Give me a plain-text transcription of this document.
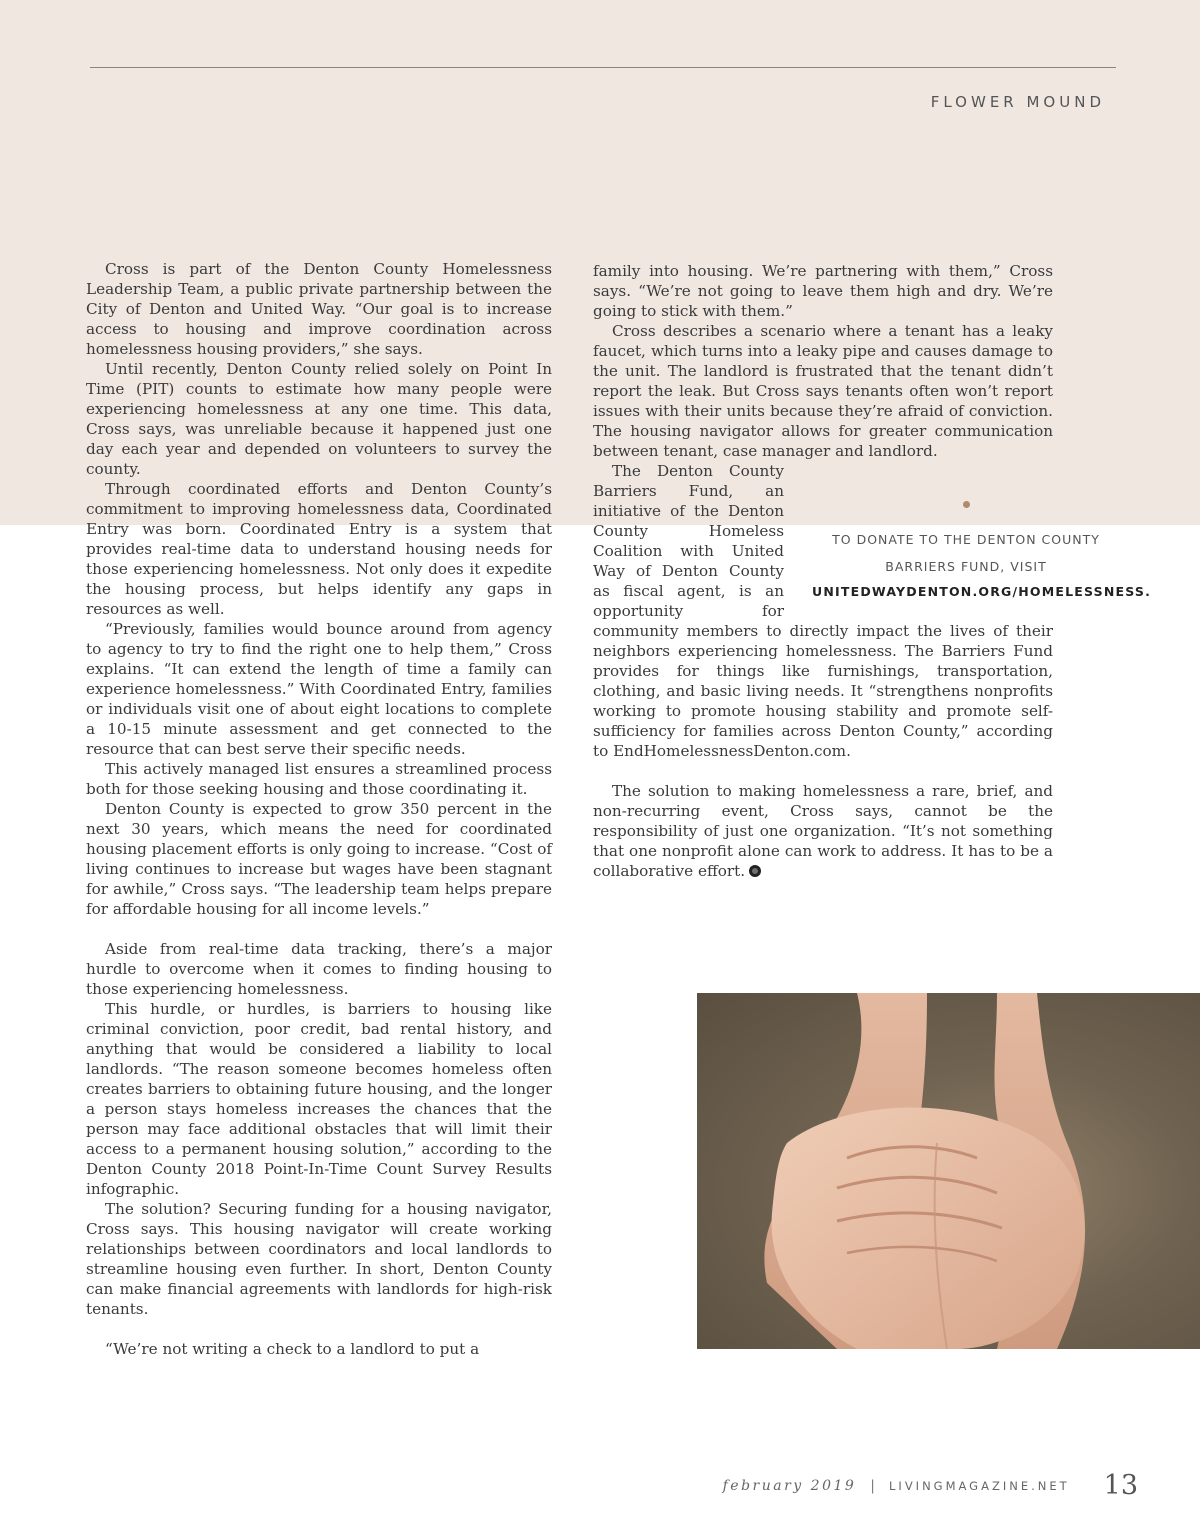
FLOWER MOUND

Cross is part of the Denton County Homelessness Leadership Team, a public private partnership between the City of Denton and United Way. “Our goal is to increase access to housing and improve coordination across homelessness housing providers,” she says.

Until recently, Denton County relied solely on Point In Time (PIT) counts to estimate how many people were experiencing homelessness at any one time. This data, Cross says, was unreliable because it happened just one day each year and depended on volunteers to survey the county.

Through coordinated efforts and Denton County’s commitment to improving homelessness data, Coordinated Entry was born. Coordinated Entry is a system that provides real-time data to understand housing needs for those experiencing homelessness. Not only does it expedite the housing process, but helps identify any gaps in resources as well.

“Previously, families would bounce around from agency to agency to try to find the right one to help them,” Cross explains. “It can extend the length of time a family can experience homelessness.” With Coordinated Entry, families or individuals visit one of about eight locations to complete a 10-15 minute assessment and get connected to the resource that can best serve their specific needs.

This actively managed list ensures a streamlined process both for those seeking housing and those coordinating it.

Denton County is expected to grow 350 percent in the next 30 years, which means the need for coordinated housing placement efforts is only going to increase. “Cost of living continues to increase but wages have been stagnant for awhile,” Cross says. “The leadership team helps prepare for affordable housing for all income levels.”

Aside from real-time data tracking, there’s a major hurdle to overcome when it comes to finding housing to those experiencing homelessness.

This hurdle, or hurdles, is barriers to housing like criminal conviction, poor credit, bad rental history, and anything that would be considered a liability to local landlords. “The reason someone becomes homeless often creates barriers to obtaining future housing, and the longer a person stays homeless increases the chances that the person may face additional obstacles that will limit their access to a permanent housing solution,” according to the Denton County 2018 Point-In-Time Count Survey Results infographic.

The solution? Securing funding for a housing navigator, Cross says. This housing navigator will create working relationships between coordinators and local landlords to streamline housing even further. In short, Denton County can make financial agreements with landlords for high-risk tenants.

“We’re not writing a check to a landlord to put a

family into housing. We’re partnering with them,” Cross says. “We’re not going to leave them high and dry. We’re going to stick with them.”

Cross describes a scenario where a tenant has a leaky faucet, which turns into a leaky pipe and causes damage to the unit. The landlord is frustrated that the tenant didn’t report the leak. But Cross says tenants often won’t report issues with their units because they’re afraid of conviction. The housing navigator allows for greater communication between tenant, case manager and landlord.

The Denton County Barriers Fund, an initiative of the Denton County Homeless Coalition with United Way of Denton County as fiscal agent, is an opportunity for community members to directly impact the lives of their neighbors experiencing homelessness. The Barriers Fund provides for things like furnishings, transportation, clothing, and basic living needs. It “strengthens nonprofits working to promote housing stability and promote self-sufficiency for families across Denton County,” according to EndHomelessnessDenton.com.

The solution to making homelessness a rare, brief, and non-recurring event, Cross says, cannot be the responsibility of just one organization. “It’s not something that one nonprofit alone can work to address. It has to be a collaborative effort.

TO DONATE TO THE DENTON COUNTY
BARRIERS FUND, VISIT
UNITEDWAYDENTON.ORG/HOMELESSNESS.
february 2019 | LIVINGMAGAZINE.NET 13
